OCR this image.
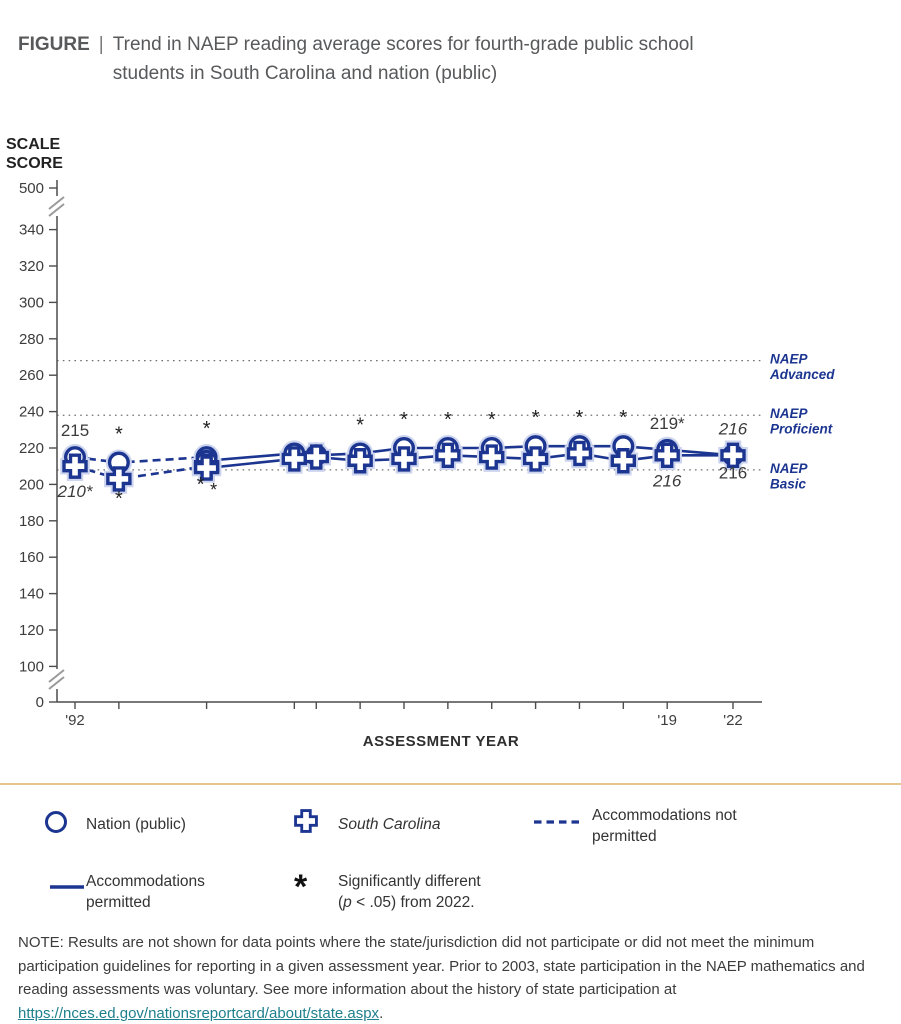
FIGURE | Trend in NAEP reading average scores for fourth-grade public school students in South Carolina and nation (public)
SCALE SCORE
NAEP Advanced
NAEP Proficient
NAEP Basic
0
100
120
140
160
180
200
220
240
260
280
300
320
340
500
'92	'19	'22
215
210*
219*
216
216
216
*	*	* * * * * * *
*
* *
ASSESSMENT YEAR
Nation (public)	South Carolina
Accommodations not permitted
Accommodations permitted	* Significantly different
(p < .05) from 2022.
NOTE: Results are not shown for data points where the state/jurisdiction did not participate or did not meet the minimum participation guidelines for reporting in a given assessment year. Prior to 2003, state participation in the NAEP mathematics and reading assessments was voluntary. See more information about the history of state participation at https://nces.ed.gov/nationsreportcard/about/state.aspx.
